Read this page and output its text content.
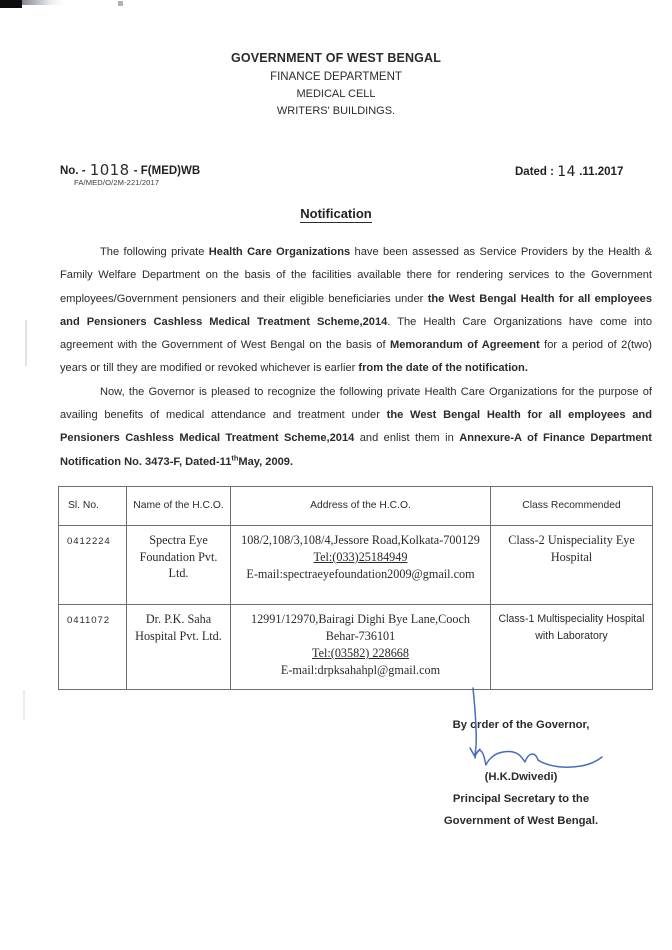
GOVERNMENT OF WEST BENGAL
FINANCE DEPARTMENT
MEDICAL CELL
WRITERS' BUILDINGS.
No. - 1018 - F(MED)WB
FA/MED/O/2M-221/2017
Dated : 14 .11.2017
Notification

The following private Health Care Organizations have been assessed as Service Providers by the Health & Family Welfare Department on the basis of the facilities available there for rendering services to the Government employees/Government pensioners and their eligible beneficiaries under the West Bengal Health for all employees and Pensioners Cashless Medical Treatment Scheme,2014. The Health Care Organizations have come into agreement with the Government of West Bengal on the basis of Memorandum of Agreement for a period of 2(two) years or till they are modified or revoked whichever is earlier from the date of the notification.

Now, the Governor is pleased to recognize the following private Health Care Organizations for the purpose of availing benefits of medical attendance and treatment under the West Bengal Health for all employees and Pensioners Cashless Medical Treatment Scheme,2014 and enlist them in Annexure-A of Finance Department Notification No. 3473-F, Dated-11thMay, 2009.

Sl. No.	Name of the H.C.O.	Address of the H.C.O.	Class Recommended
0412224	Spectra Eye Foundation Pvt. Ltd.	108/2,108/3,108/4,Jessore Road,Kolkata-700129
Tel:(033)25184949
E-mail:spectraeyefoundation2009@gmail.com	Class-2 Unispeciality Eye Hospital
0411072	Dr. P.K. Saha Hospital Pvt. Ltd.	12991/12970,Bairagi Dighi Bye Lane,Cooch
Behar-736101
Tel:(03582) 228668
E-mail:drpksahahpl@gmail.com	Class-1 Multispeciality Hospital with Laboratory
By order of the Governor,
(H.K.Dwivedi)
Principal Secretary to the
Government of West Bengal.
